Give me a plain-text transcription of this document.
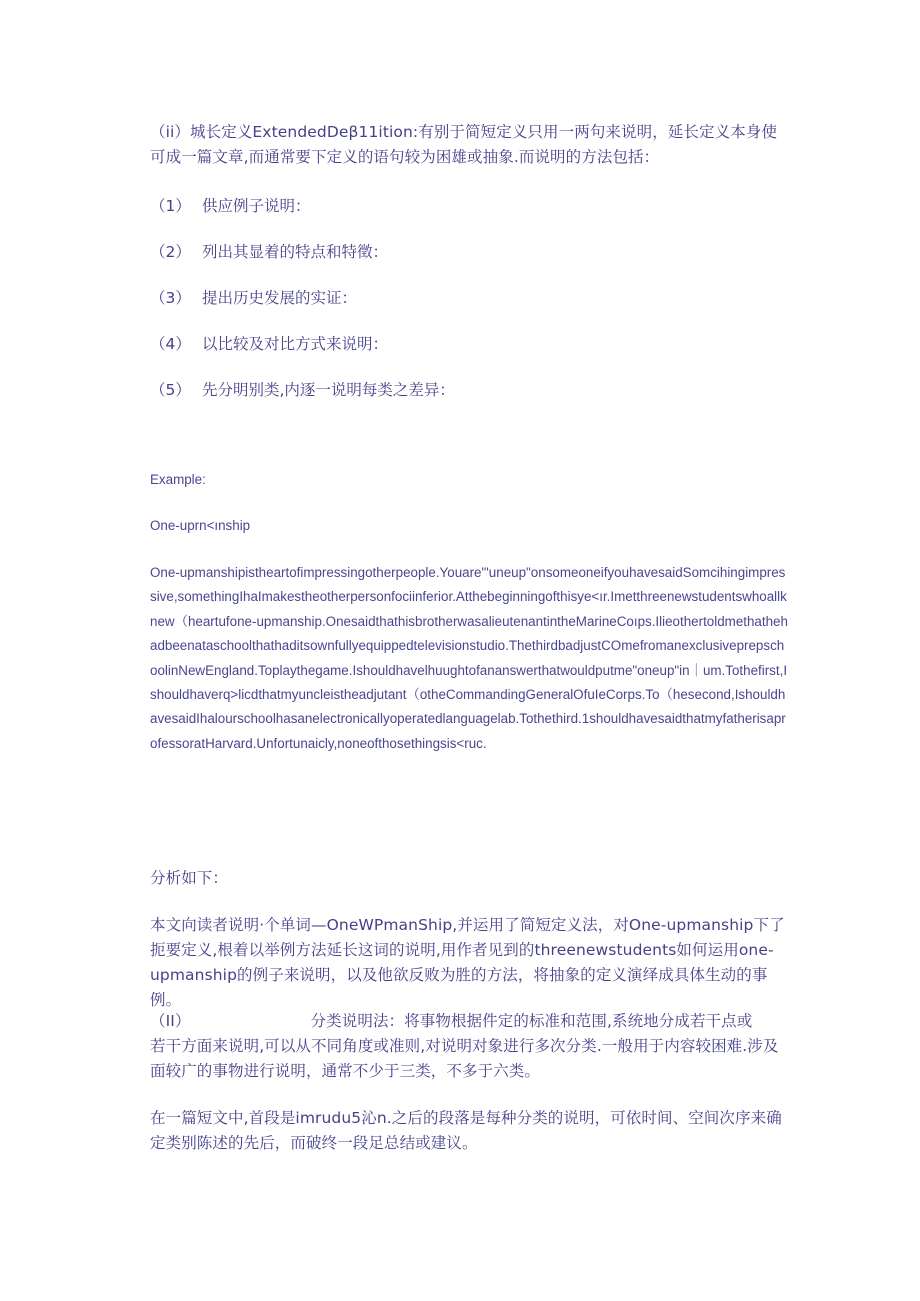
（ii）城长定义ExtendedDeβ11ition:有别于简短定义只用一两句来说明，延长定义本身使可成一篇文章,而通常要下定义的语句较为困雄或抽象.而说明的方法包括：

（1） 供应例子说明：
（2） 列出其显着的特点和特徵：
（3） 提出历史发展的实证：
（4） 以比较及对比方式来说明：
（5） 先分明别类,内逐一说明每类之差异：

Example:

One-uprn<ınship

One-upmanshipistheartofimpressingotherpeople.Youare"'uneup"onsomeoneifyouhavesaidSomcihingimpressive,somethingIhaImakestheotherpersonfociinferior.Atthebeginningofthisye<ır.Imetthreenewstudentswhoallknew（heartufone-upmanship.OnesaidthathisbrotherwasalieutenantintheMarineCoıps.Ilieothertoldmethathehadbeenataschoolthathaditsownfullyequippedtelevisionstudio.ThethirdbadjustCOmefromanexclusiveprepschoolinNewEngland.Toplaythegame.Ishouldhavelhuughtofananswerthatwouldputme"oneup"in｜um.Tothefirst,Ishouldhaverq>licdthatmyuncleistheadjutant（otheCommandingGeneralOfuIeCorps.To（hesecond,IshouldhavesaidIhalourschoolhasanelectronicallyoperatedlanguagelab.Tothethird.1shouldhavesaidthatmyfatherisaprofessoratHarvard.Unfortunaicly,noneofthosethingsis<ruc.

分析如下：

本文向读者说明·个单词—OneWPmanShip,并运用了简短定义法，对One-upmanship下了扼要定义,根着以举例方法延长这词的说明,用作者见到的threenewstudents如何运用one-upmanship的例子来说明，以及他欲反败为胜的方法，将抽象的定义演绎成具体生动的事例。

（II）	分类说明法：将事物根据件定的标准和范围,系统地分成若干点或

若干方面来说明,可以从不同角度或准则,对说明对象进行多次分类.一般用于内容较困难.涉及面较广的事物进行说明，通常不少于三类，不多于六类。

在一篇短文中,首段是imrudu5沁n.之后的段落是每种分类的说明，可依时间、空间次序来确定类别陈述的先后，而破终一段足总结或建议。
